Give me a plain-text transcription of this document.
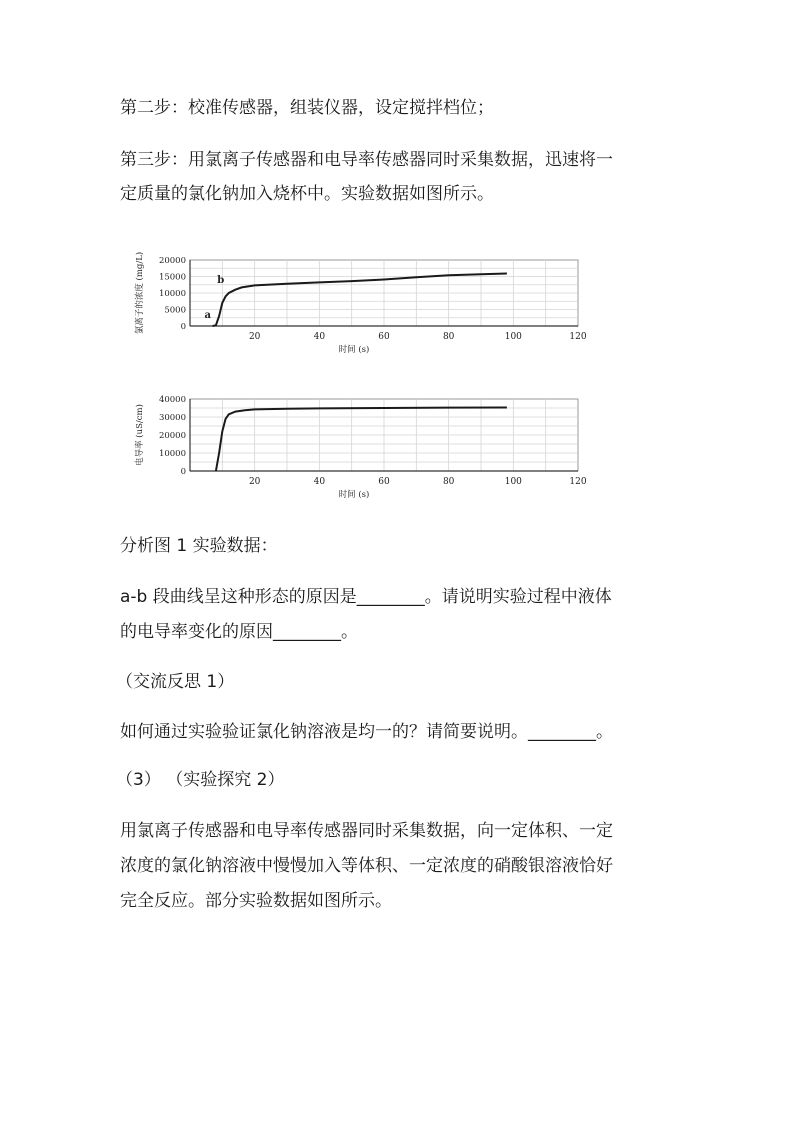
第二步：校准传感器，组装仪器，设定搅拌档位；
第三步：用氯离子传感器和电导率传感器同时采集数据，迅速将一
定质量的氯化钠加入烧杯中。实验数据如图所示。
20	40	60	80	100	120
0
5000
10000
15000
20000
时间 (s)
氯离子的浓度 (mg/L)	a
b
20	40	60	80	100	120
0
10000
20000
30000
40000
时间 (s)
电导率 (uS/cm)
分析图 1 实验数据：
a-b 段曲线呈这种形态的原因是________。请说明实验过程中液体
的电导率变化的原因________。
（交流反思 1）
如何通过实验验证氯化钠溶液是均一的？请简要说明。________。
（3） （实验探究 2）
用氯离子传感器和电导率传感器同时采集数据，向一定体积、一定
浓度的氯化钠溶液中慢慢加入等体积、一定浓度的硝酸银溶液恰好
完全反应。部分实验数据如图所示。
